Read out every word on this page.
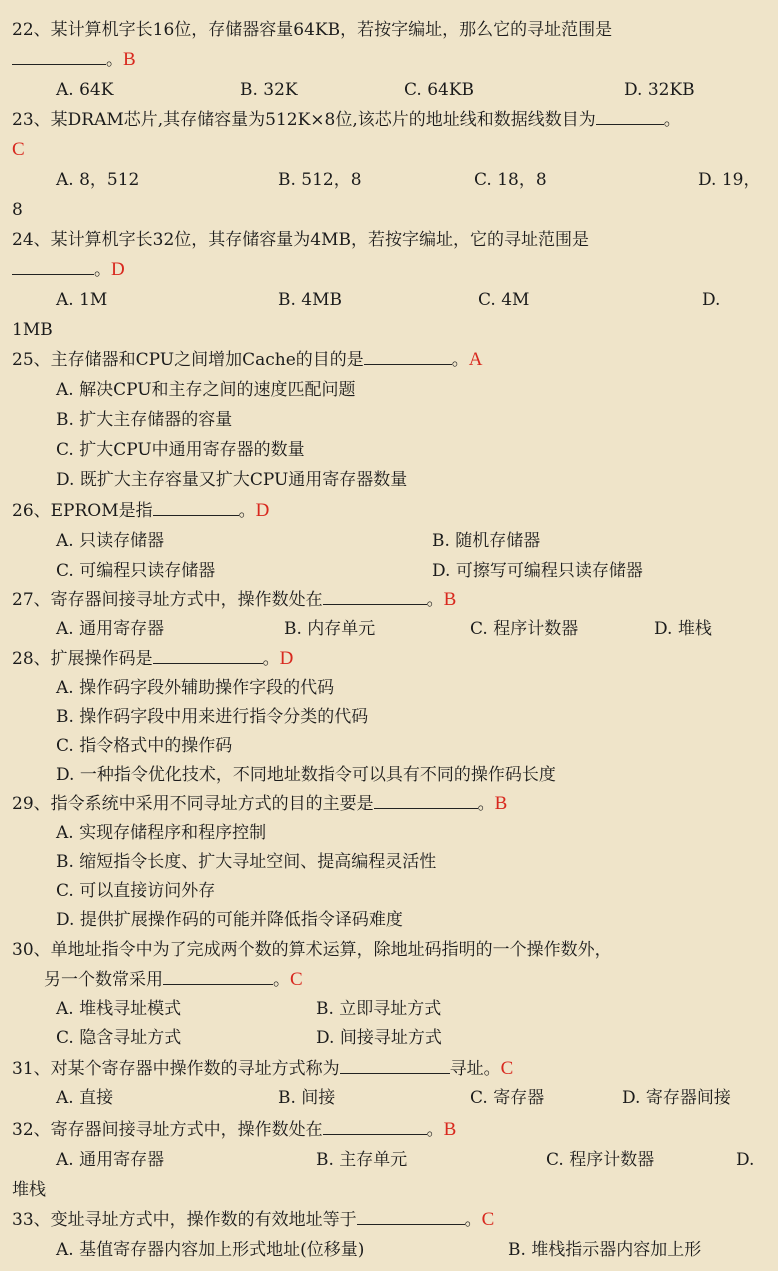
22、某计算机字长16位，存储器容量64KB，若按字编址，那么它的寻址范围是
。B
A. 64K	B. 32K	C. 64KB	D. 32KB
23、某DRAM芯片,其存储容量为512K×8位,该芯片的地址线和数据线数目为	。
C
A. 8，512	B. 512，8	C. 18，8	D. 19，
8
24、某计算机字长32位，其存储容量为4MB，若按字编址，它的寻址范围是
。D
A. 1M	B. 4MB	C. 4M	D.
1MB
25、主存储器和CPU之间增加Cache的目的是	。A
A. 解决CPU和主存之间的速度匹配问题
B. 扩大主存储器的容量
C. 扩大CPU中通用寄存器的数量
D. 既扩大主存容量又扩大CPU通用寄存器数量
26、EPROM是指	。D
A. 只读存储器	B. 随机存储器
C. 可编程只读存储器	D. 可擦写可编程只读存储器
27、寄存器间接寻址方式中，操作数处在	。B
A. 通用寄存器	B. 内存单元	C. 程序计数器	D. 堆栈
28、扩展操作码是	。D
A. 操作码字段外辅助操作字段的代码
B. 操作码字段中用来进行指令分类的代码
C. 指令格式中的操作码
D. 一种指令优化技术，不同地址数指令可以具有不同的操作码长度
29、指令系统中采用不同寻址方式的目的主要是	。B
A. 实现存储程序和程序控制
B. 缩短指令长度、扩大寻址空间、提高编程灵活性
C. 可以直接访问外存
D. 提供扩展操作码的可能并降低指令译码难度
30、单地址指令中为了完成两个数的算术运算，除地址码指明的一个操作数外，
另一个数常采用	。C
A. 堆栈寻址模式	B. 立即寻址方式
C. 隐含寻址方式	D. 间接寻址方式
31、对某个寄存器中操作数的寻址方式称为	寻址。C
A. 直接	B. 间接	C. 寄存器	D. 寄存器间接
32、寄存器间接寻址方式中，操作数处在	。B
A. 通用寄存器	B. 主存单元	C. 程序计数器	D.
堆栈
33、变址寻址方式中，操作数的有效地址等于	。C
A. 基值寄存器内容加上形式地址(位移量)	B. 堆栈指示器内容加上形
